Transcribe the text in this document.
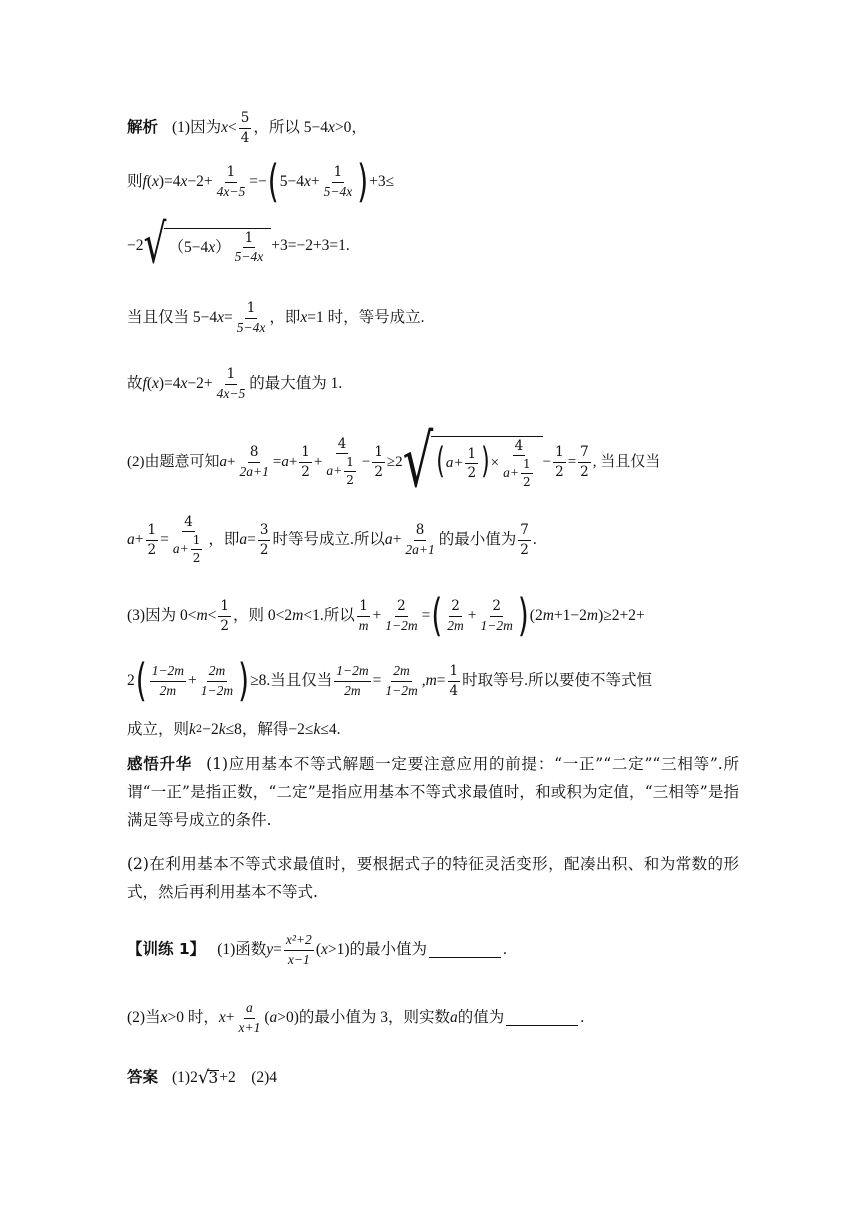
解析 (1)因为 $x < \frac{5}{4}$ ，所以 5−4 x >0，
则 f ( x )=4 $x -2+ \frac{1}{4x-5}$ =− ( 5−4 $x + \frac{1}{5-4x}$ ) +3≤
−2 √ （5−4 x ） $\frac{1}{5-4x} +3=-2+3=1$.
当且仅当 5−4 $x = \frac{1}{5-4x}$ ，即 x =1 时，等号成立.
故 f ( x )=4 $x -2+ \frac{1}{4x-5}$ 的最大值为 1.
(2)由题意可知 $a + \frac{8}{2a+1} = a + \frac{1}{2} + \frac{4}{a+ \frac{1}{2}} - \frac{1}{2} \ge 2$ √ ( $a+ \frac{1}{2}$ ) × $\frac{4}{a+ \frac{1}{2}} - \frac{1}{2} = \frac{7}{2}$ , 当且仅当
$a + \frac{1}{2} = \frac{4}{a+ \frac{1}{2}}$ ，即 $a = \frac{3}{2}$ 时等号成立.所以 $a + \frac{8}{2a+1}$ 的最小值为 $\frac{7}{2}$ .
(3)因为 $0< m < \frac{1}{2}$ ，则 0<2 m <1.所以 $\frac{1}{m} + \frac{2}{1-2m}$ = ( $\frac{2}{2m} + \frac{2}{1-2m}$ ) (2 m +1−2 m )≥2+2+
2 ( $\frac{1-2m}{2m} + \frac{2m}{1-2m}$ ) ≥8.当且仅当 $\frac{1-2m}{2m} = \frac{2m}{1-2m}$ , $m = \frac{1}{4}$ 时取等号.所以要使不等式恒
成立，则 k 2 −2 k ≤8，解得−2≤ k ≤4.
感悟升华 (1)应用基本不等式解题一定要注意应用的前提：“一正”“二定”“三相等”.所谓“一正”是指正数，“二定”是指应用基本不等式求最值时，和或积为定值，“三相等”是指满足等号成立的条件.
(2)在利用基本不等式求最值时，要根据式子的特征灵活变形，配凑出积、和为常数的形式，然后再利用基本不等式.
【训练 1】 (1)函数 $y = \frac{\text{x²+2}}{x-1}$ ( x >1)的最小值为	.
(2)当 x >0 时， $x + \frac{a}{x+1}$ ( a >0)的最小值为 3，则实数 a 的值为	.
答案 (1)2 √ 3 +2　(2)4
